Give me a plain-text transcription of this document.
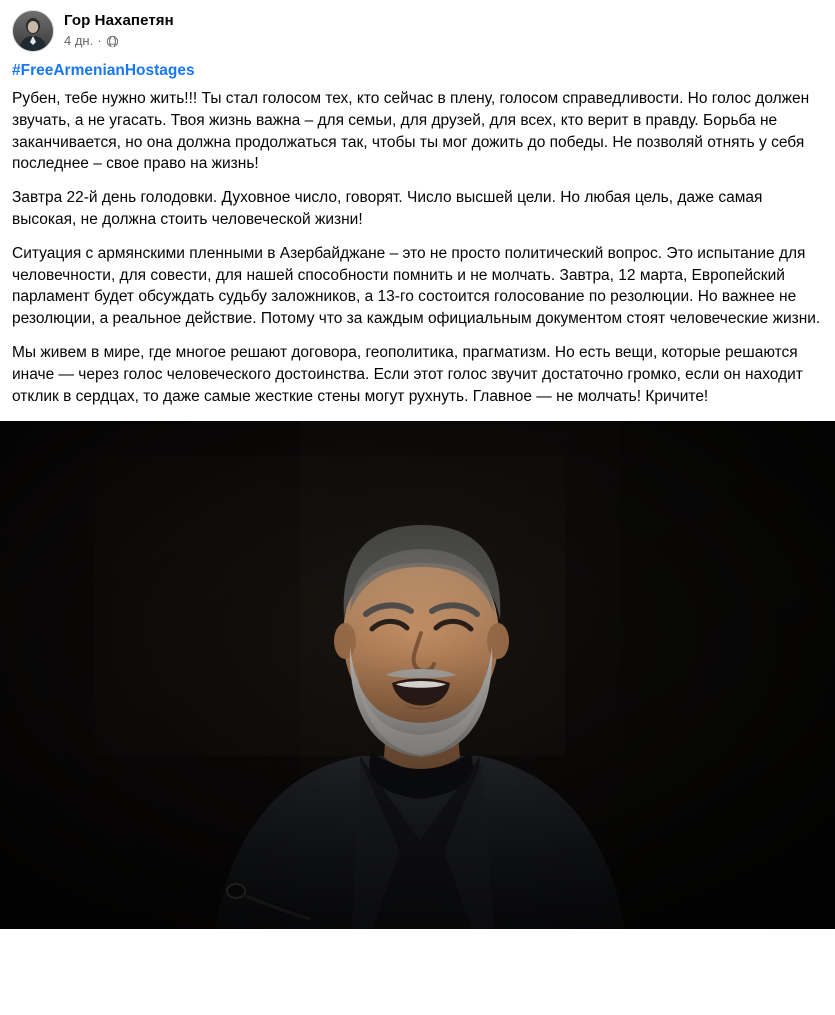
Гор Нахапетян
4 дн. ·
#FreeArmenianHostages

Рубен, тебе нужно жить!!! Ты стал голосом тех, кто сейчас в плену, голосом справедливости. Но голос должен звучать, а не угасать. Твоя жизнь важна – для семьи, для друзей, для всех, кто верит в правду. Борьба не заканчивается, но она должна продолжаться так, чтобы ты мог дожить до победы. Не позволяй отнять у себя последнее – свое право на жизнь!

Завтра 22-й день голодовки. Духовное число, говорят. Число высшей цели. Но любая цель, даже самая высокая, не должна стоить человеческой жизни!

Ситуация с армянскими пленными в Азербайджане – это не просто политический вопрос. Это испытание для человечности, для совести, для нашей способности помнить и не молчать. Завтра, 12 марта, Европейский парламент будет обсуждать судьбу заложников, а 13-го состоится голосование по резолюции. Но важнее не резолюции, а реальное действие. Потому что за каждым официальным документом стоят человеческие жизни.

Мы живем в мире, где многое решают договора, геополитика, прагматизм. Но есть вещи, которые решаются иначе — через голос человеческого достоинства. Если этот голос звучит достаточно громко, если он находит отклик в сердцах, то даже самые жесткие стены могут рухнуть. Главное — не молчать! Кричите!
